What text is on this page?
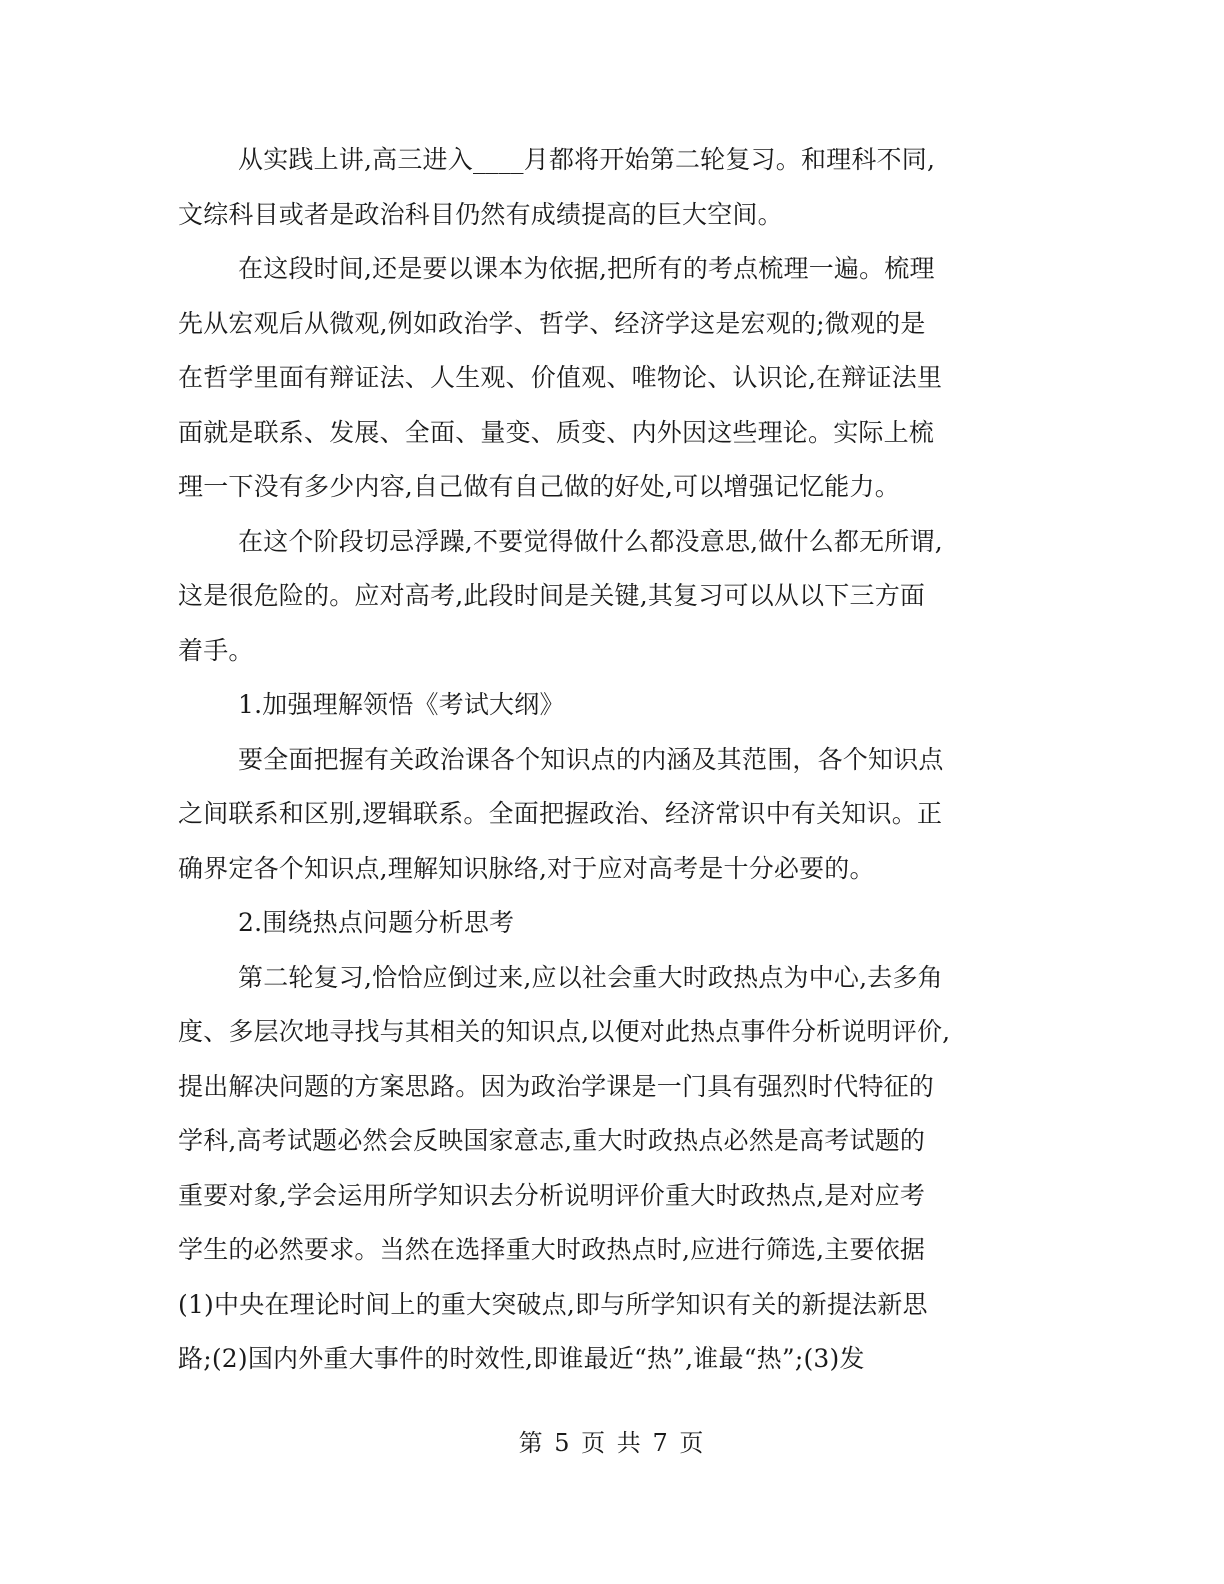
从实践上讲,高三进入____月都将开始第二轮复习。和理科不同,
文综科目或者是政治科目仍然有成绩提高的巨大空间。
在这段时间,还是要以课本为依据,把所有的考点梳理一遍。梳理
先从宏观后从微观,例如政治学、哲学、经济学这是宏观的;微观的是
在哲学里面有辩证法、人生观、价值观、唯物论、认识论,在辩证法里
面就是联系、发展、全面、量变、质变、内外因这些理论。实际上梳
理一下没有多少内容,自己做有自己做的好处,可以增强记忆能力。
在这个阶段切忌浮躁,不要觉得做什么都没意思,做什么都无所谓,
这是很危险的。应对高考,此段时间是关键,其复习可以从以下三方面
着手。
1.加强理解领悟《考试大纲》
要全面把握有关政治课各个知识点的内涵及其范围，各个知识点
之间联系和区别,逻辑联系。全面把握政治、经济常识中有关知识。正
确界定各个知识点,理解知识脉络,对于应对高考是十分必要的。
2.围绕热点问题分析思考
第二轮复习,恰恰应倒过来,应以社会重大时政热点为中心,去多角
度、多层次地寻找与其相关的知识点,以便对此热点事件分析说明评价,
提出解决问题的方案思路。因为政治学课是一门具有强烈时代特征的
学科,高考试题必然会反映国家意志,重大时政热点必然是高考试题的
重要对象,学会运用所学知识去分析说明评价重大时政热点,是对应考
学生的必然要求。当然在选择重大时政热点时,应进行筛选,主要依据
(1)中央在理论时间上的重大突破点,即与所学知识有关的新提法新思
路;(2)国内外重大事件的时效性,即谁最近“热”,谁最“热”;(3)发
第 5 页 共 7 页
